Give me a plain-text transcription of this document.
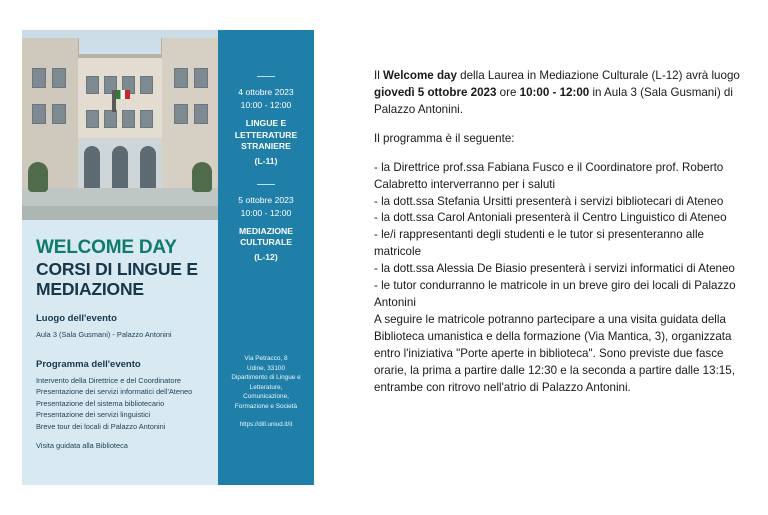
WELCOME DAY
CORSI DI LINGUE E
MEDIAZIONE
Luogo dell'evento

Aula 3 (Sala Gusmani) - Palazzo Antonini

Programma dell'evento

Intervento della Direttrice e del Coordinatore

Presentazione dei servizi informatici dell'Ateneo

Presentazione del sistema bibliotecario

Presentazione dei servizi linguistici

Breve tour dei locali di Palazzo Antonini

Visita guidata alla Biblioteca

4 ottobre 2023

10:00 - 12:00

LINGUE E
LETTERATURE
STRANIERE

(L-11)

5 ottobre 2023

10:00 - 12:00

MEDIAZIONE
CULTURALE

(L-12)

Via Petracco, 8
Udine, 33100
Dipartimento di Lingue e
Letterature,
Comunicazione,
Formazione e Società
https://dill.uniud.it/it

Il Welcome day della Laurea in Mediazione Culturale (L-12) avrà luogo giovedì 5 ottobre 2023 ore 10:00 - 12:00 in Aula 3 (Sala Gusmani) di Palazzo Antonini.

Il programma è il seguente:

- la Direttrice prof.ssa Fabiana Fusco e il Coordinatore prof. Roberto Calabretto interverranno per i saluti

- la dott.ssa Stefania Ursitti presenterà i servizi bibliotecari di Ateneo

- la dott.ssa Carol Antoniali presenterà il Centro Linguistico di Ateneo

- le/i rappresentanti degli studenti e le tutor si presenteranno alle matricole

- la dott.ssa Alessia De Biasio presenterà i servizi informatici di Ateneo

- le tutor condurranno le matricole in un breve giro dei locali di Palazzo Antonini

A seguire le matricole potranno partecipare a una visita guidata della Biblioteca umanistica e della formazione (Via Mantica, 3), organizzata entro l'iniziativa "Porte aperte in biblioteca". Sono previste due fasce orarie, la prima a partire dalle 12:30 e la seconda a partire dalle 13:15, entrambe con ritrovo nell'atrio di Palazzo Antonini.
